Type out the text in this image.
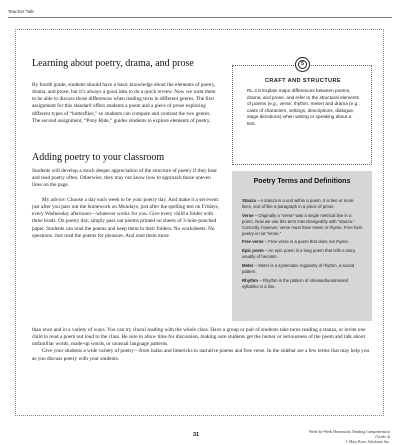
Teacher Talk
Learning about poetry, drama, and prose

By fourth grade, students should have a basic knowledge about the elements of poetry, drama, and prose, but it’s always a good idea to do a quick review. Now we want them to be able to discuss those differences when reading texts in different genres. The first assignment for this standard offers students a poem and a piece of prose exploring different types of “butterflies,” so students can compare and contrast the two genres. The second assignment, “Pony Ride,” guides students to explore elements of poetry.

Adding poetry to your classroom

Students will develop a much deeper appreciation of the structure of poetry if they hear and read poetry often. Otherwise, they may not know how to approach those uneven lines on the page.

My advice: Choose a day each week to be your poetry day. And make it a set event: just after you pass out the homework on Mondays, just after the spelling test on Fridays, every Wednesday afternoon—whatever works for you. Give every child a folder with three brads. On poetry day, simply pass out poems printed on sheets of 3-hole-punched paper. Students can read the poems and keep them in their folders. No worksheets. No questions. Just read the poems for pleasure. And read them more

than once and in a variety of ways. You can try choral reading with the whole class. Have a group or pair of students take turns reading a stanza, or invite one child to read a poem out loud to the class. Be sure to allow time for discussion, making sure students get the humor or seriousness of the poem and talk about unfamiliar words, made-up words, or unusual language patterns.

Give your students a wide variety of poetry—from haiku and limericks to narrative poems and free verse. In the sidebar are a few terms that may help you as you discuss poetry with your students.

5
CRAFT AND STRUCTURE
RL.4.5 Explain major differences between poems, drama, and prose, and refer to the structural elements of poems (e.g., verse, rhythm, meter) and drama (e.g., casts of characters, settings, descriptions, dialogue, stage directions) when writing or speaking about a text.
Poetry Terms and Definitions

Stanza – A stanza is a unit within a poem. It is two or more lines, sort of like a paragraph in a piece of prose.

Verse – Originally a “verse” was a single metrical line in a poem. Now we use this term interchangeably with “stanza.” Correctly, however, verse must have meter or rhyme. Free form poetry is not “verse.”

Free verse – Free verse is a poem that does not rhyme.

Epic poem – An epic poem is a long poem that tells a story, usually of heroism.

Meter – Meter is a systematic regularity of rhythm, a sound pattern.

Rhythm – Rhythm is the pattern of stressed/unstressed syllables in a line.

31	Week-by-Week Homework: Reading Comprehension (Grade 4)
© Mary Rose, Scholastic Inc.
